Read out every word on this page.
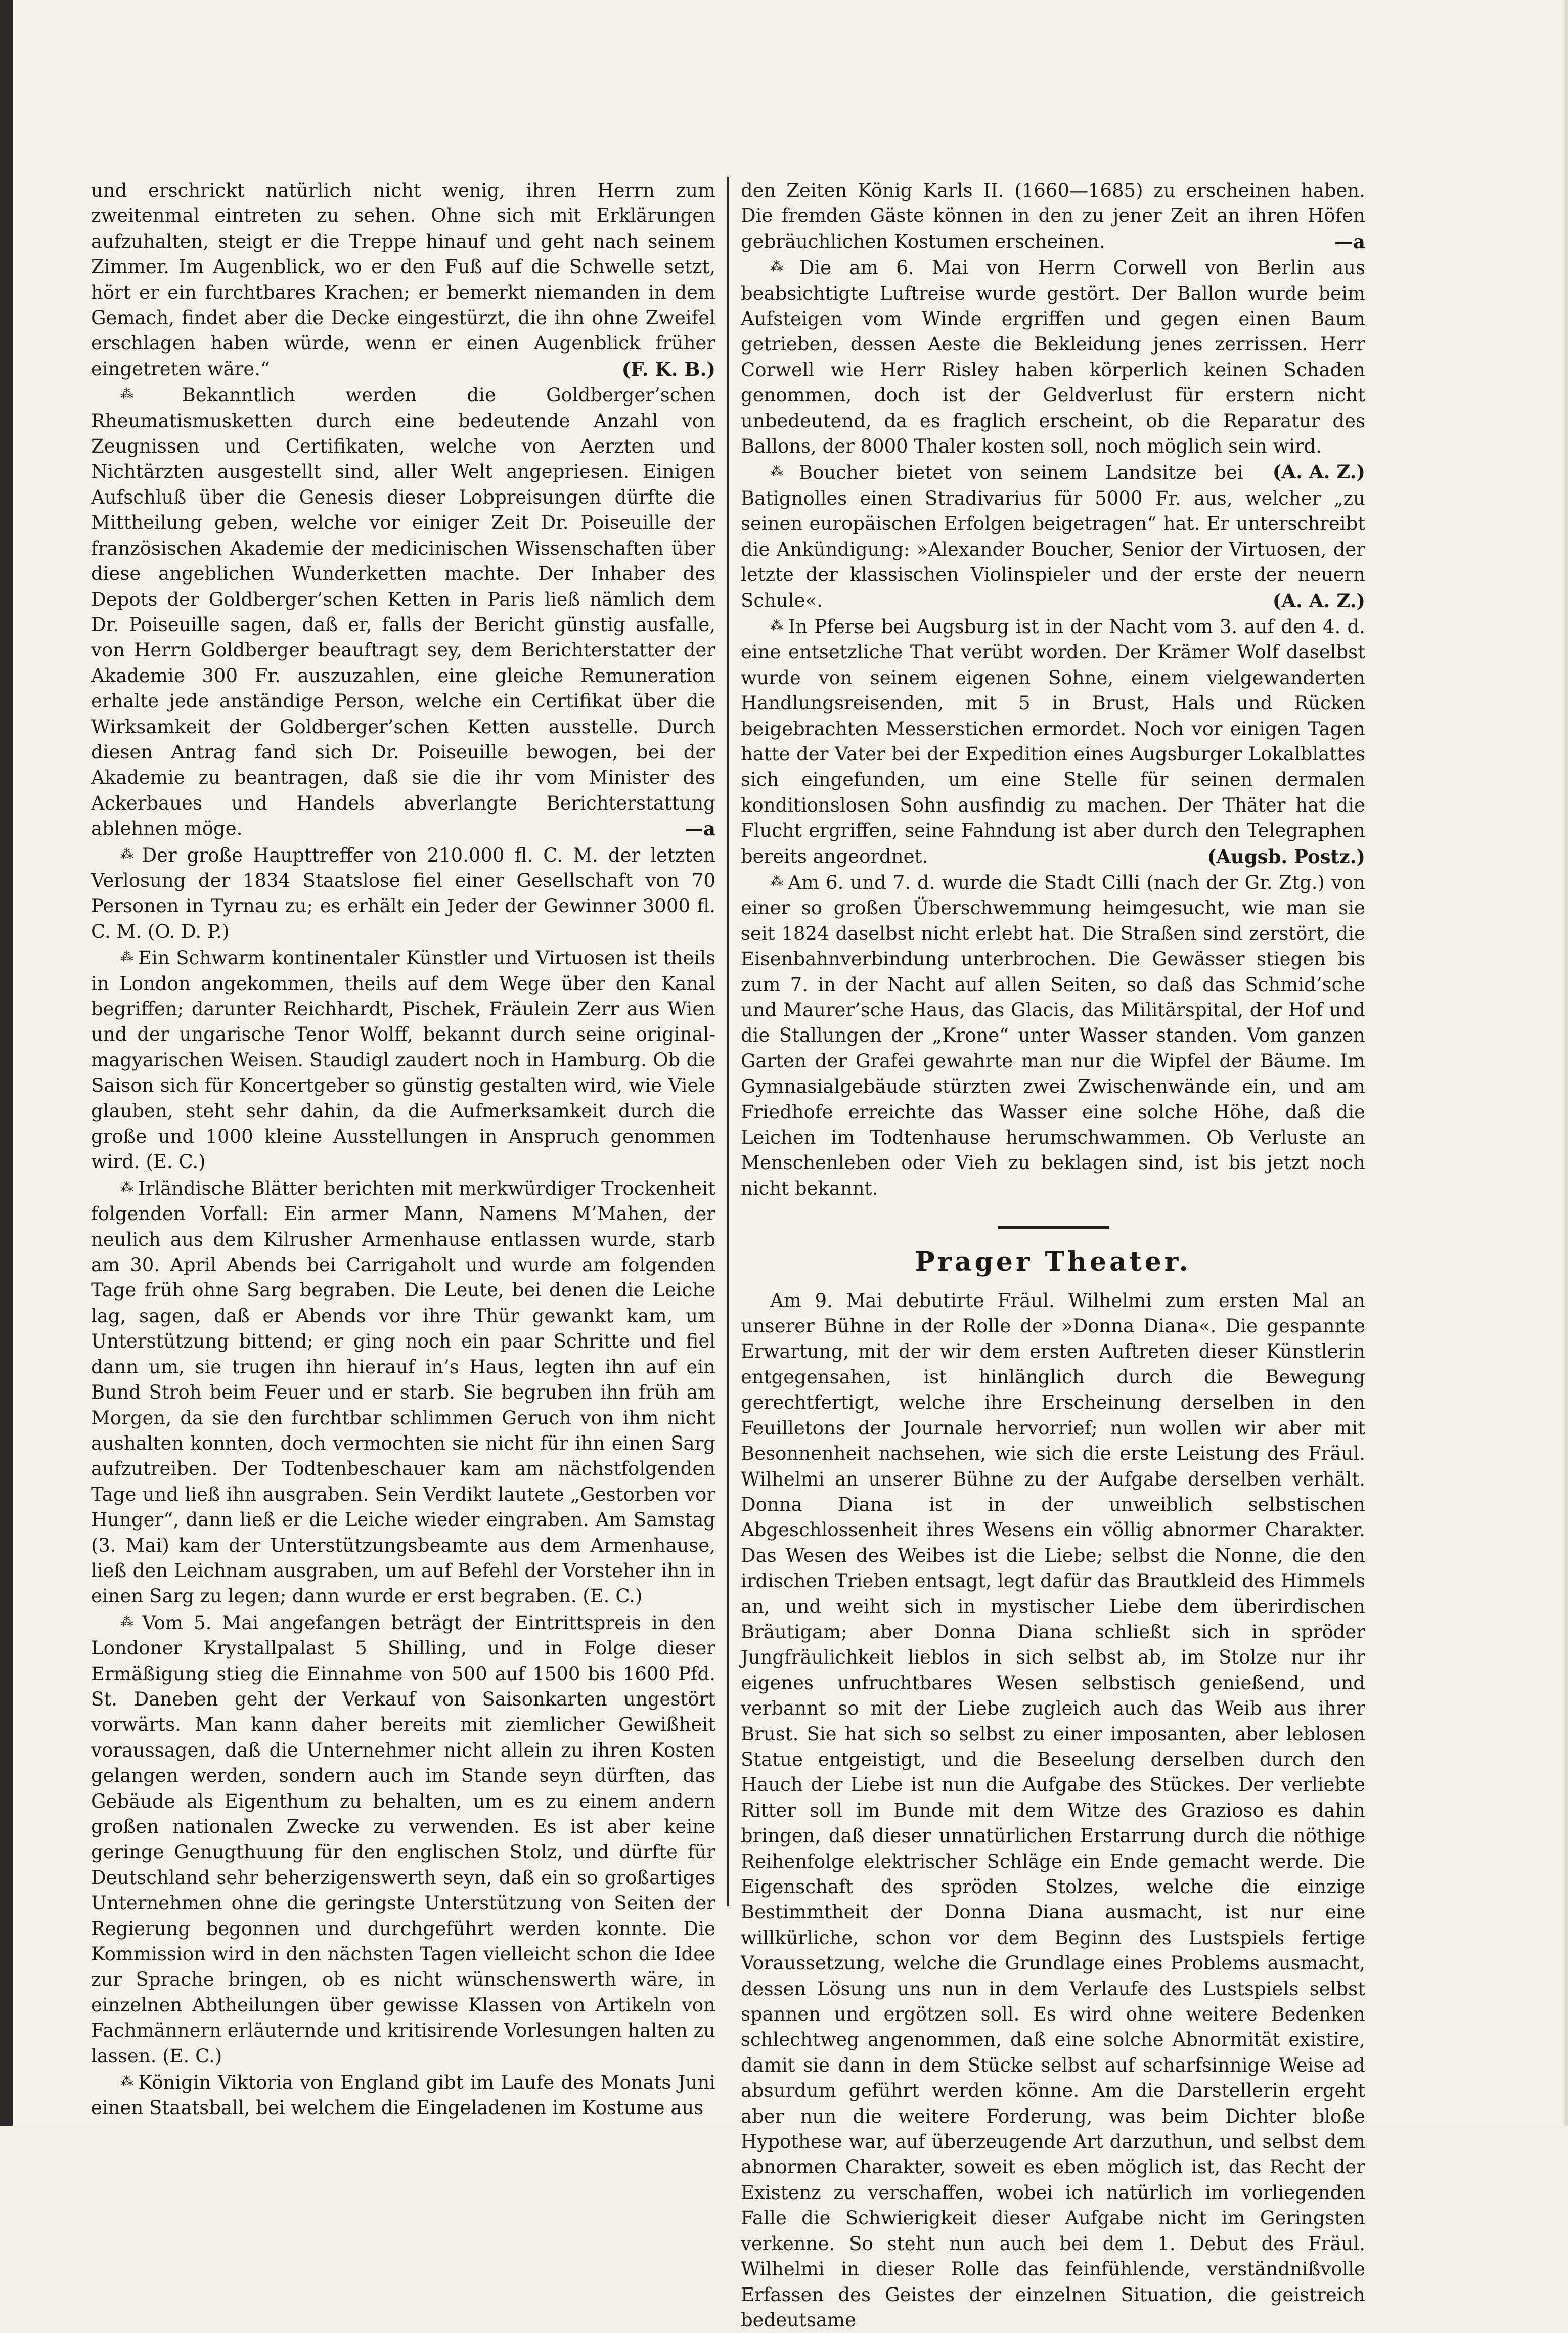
und erschrickt natürlich nicht wenig, ihren Herrn zum zweitenmal eintreten zu sehen. Ohne sich mit Erklärungen aufzuhalten, steigt er die Treppe hinauf und geht nach seinem Zimmer. Im Augenblick, wo er den Fuß auf die Schwelle setzt, hört er ein furchtbares Krachen; er bemerkt niemanden in dem Gemach, findet aber die Decke eingestürzt, die ihn ohne Zweifel erschlagen haben würde, wenn er einen Augenblick früher eingetreten wäre.“	(F. K. B.)

⁂ Bekanntlich werden die Goldberger’schen Rheumatismusketten durch eine bedeutende Anzahl von Zeugnissen und Certifikaten, welche von Aerzten und Nichtärzten ausgestellt sind, aller Welt angepriesen. Einigen Aufschluß über die Genesis dieser Lobpreisungen dürfte die Mittheilung geben, welche vor einiger Zeit Dr. Poiseuille der französischen Akademie der medicinischen Wissenschaften über diese angeblichen Wunderketten machte. Der Inhaber des Depots der Goldberger’schen Ketten in Paris ließ nämlich dem Dr. Poiseuille sagen, daß er, falls der Bericht günstig ausfalle, von Herrn Goldberger beauftragt sey, dem Berichterstatter der Akademie 300 Fr. auszuzahlen, eine gleiche Remuneration erhalte jede anständige Person, welche ein Certifikat über die Wirksamkeit der Goldberger’schen Ketten ausstelle. Durch diesen Antrag fand sich Dr. Poiseuille bewogen, bei der Akademie zu beantragen, daß sie die ihr vom Minister des Ackerbaues und Handels abverlangte Berichterstattung ablehnen möge.	—a

⁂ Der große Haupttreffer von 210.000 fl. C. M. der letzten Verlosung der 1834 Staatslose fiel einer Gesellschaft von 70 Personen in Tyrnau zu; es erhält ein Jeder der Gewinner 3000 fl. C. M. (O. D. P.)

⁂ Ein Schwarm kontinentaler Künstler und Virtuosen ist theils in London angekommen, theils auf dem Wege über den Kanal begriffen; darunter Reichhardt, Pischek, Fräulein Zerr aus Wien und der ungarische Tenor Wolff, bekannt durch seine original-magyarischen Weisen. Staudigl zaudert noch in Hamburg. Ob die Saison sich für Koncertgeber so günstig gestalten wird, wie Viele glauben, steht sehr dahin, da die Aufmerksamkeit durch die große und 1000 kleine Ausstellungen in Anspruch genommen wird. (E. C.)

⁂ Irländische Blätter berichten mit merkwürdiger Trockenheit folgenden Vorfall: Ein armer Mann, Namens M’Mahen, der neulich aus dem Kilrusher Armenhause entlassen wurde, starb am 30. April Abends bei Carrigaholt und wurde am folgenden Tage früh ohne Sarg begraben. Die Leute, bei denen die Leiche lag, sagen, daß er Abends vor ihre Thür gewankt kam, um Unterstützung bittend; er ging noch ein paar Schritte und fiel dann um, sie trugen ihn hierauf in’s Haus, legten ihn auf ein Bund Stroh beim Feuer und er starb. Sie begruben ihn früh am Morgen, da sie den furchtbar schlimmen Geruch von ihm nicht aushalten konnten, doch vermochten sie nicht für ihn einen Sarg aufzutreiben. Der Todtenbeschauer kam am nächstfolgenden Tage und ließ ihn ausgraben. Sein Verdikt lautete „Gestorben vor Hunger“, dann ließ er die Leiche wieder eingraben. Am Samstag (3. Mai) kam der Unterstützungsbeamte aus dem Armenhause, ließ den Leichnam ausgraben, um auf Befehl der Vorsteher ihn in einen Sarg zu legen; dann wurde er erst begraben. (E. C.)

⁂ Vom 5. Mai angefangen beträgt der Eintrittspreis in den Londoner Krystallpalast 5 Shilling, und in Folge dieser Ermäßigung stieg die Einnahme von 500 auf 1500 bis 1600 Pfd. St. Daneben geht der Verkauf von Saisonkarten ungestört vorwärts. Man kann daher bereits mit ziemlicher Gewißheit voraussagen, daß die Unternehmer nicht allein zu ihren Kosten gelangen werden, sondern auch im Stande seyn dürften, das Gebäude als Eigenthum zu behalten, um es zu einem andern großen nationalen Zwecke zu verwenden. Es ist aber keine geringe Genugthuung für den englischen Stolz, und dürfte für Deutschland sehr beherzigenswerth seyn, daß ein so großartiges Unternehmen ohne die geringste Unterstützung von Seiten der Regierung begonnen und durchgeführt werden konnte. Die Kommission wird in den nächsten Tagen vielleicht schon die Idee zur Sprache bringen, ob es nicht wünschenswerth wäre, in einzelnen Abtheilungen über gewisse Klassen von Artikeln von Fachmännern erläuternde und kritisirende Vorlesungen halten zu lassen. (E. C.)

⁂ Königin Viktoria von England gibt im Laufe des Monats Juni einen Staatsball, bei welchem die Eingeladenen im Kostume aus

den Zeiten König Karls II. (1660—1685) zu erscheinen haben. Die fremden Gäste können in den zu jener Zeit an ihren Höfen gebräuchlichen Kostumen erscheinen.	—a

⁂ Die am 6. Mai von Herrn Corwell von Berlin aus beabsichtigte Luftreise wurde gestört. Der Ballon wurde beim Aufsteigen vom Winde ergriffen und gegen einen Baum getrieben, dessen Aeste die Bekleidung jenes zerrissen. Herr Corwell wie Herr Risley haben körperlich keinen Schaden genommen, doch ist der Geldverlust für erstern nicht unbedeutend, da es fraglich erscheint, ob die Reparatur des Ballons, der 8000 Thaler kosten soll, noch möglich sein wird.
(A. A. Z.)

⁂ Boucher bietet von seinem Landsitze bei Batignolles einen Stradivarius für 5000 Fr. aus, welcher „zu seinen europäischen Erfolgen beigetragen“ hat. Er unterschreibt die Ankündigung: »Alexander Boucher, Senior der Virtuosen, der letzte der klassischen Violinspieler und der erste der neuern Schule«.	(A. A. Z.)

⁂ In Pferse bei Augsburg ist in der Nacht vom 3. auf den 4. d. eine entsetzliche That verübt worden. Der Krämer Wolf daselbst wurde von seinem eigenen Sohne, einem vielgewanderten Handlungsreisenden, mit 5 in Brust, Hals und Rücken beigebrachten Messerstichen ermordet. Noch vor einigen Tagen hatte der Vater bei der Expedition eines Augsburger Lokalblattes sich eingefunden, um eine Stelle für seinen dermalen konditionslosen Sohn ausfindig zu machen. Der Thäter hat die Flucht ergriffen, seine Fahndung ist aber durch den Telegraphen bereits angeordnet.	(Augsb. Postz.)

⁂ Am 6. und 7. d. wurde die Stadt Cilli (nach der Gr. Ztg.) von einer so großen Überschwemmung heimgesucht, wie man sie seit 1824 daselbst nicht erlebt hat. Die Straßen sind zerstört, die Eisenbahnverbindung unterbrochen. Die Gewässer stiegen bis zum 7. in der Nacht auf allen Seiten, so daß das Schmid’sche und Maurer’sche Haus, das Glacis, das Militärspital, der Hof und die Stallungen der „Krone“ unter Wasser standen. Vom ganzen Garten der Grafei gewahrte man nur die Wipfel der Bäume. Im Gymnasialgebäude stürzten zwei Zwischenwände ein, und am Friedhofe erreichte das Wasser eine solche Höhe, daß die Leichen im Todtenhause herumschwammen. Ob Verluste an Menschenleben oder Vieh zu beklagen sind, ist bis jetzt noch nicht bekannt.

Prager Theater.

Am 9. Mai debutirte Fräul. Wilhelmi zum ersten Mal an unserer Bühne in der Rolle der »Donna Diana«. Die gespannte Erwartung, mit der wir dem ersten Auftreten dieser Künstlerin entgegensahen, ist hinlänglich durch die Bewegung gerechtfertigt, welche ihre Erscheinung derselben in den Feuilletons der Journale hervorrief; nun wollen wir aber mit Besonnenheit nachsehen, wie sich die erste Leistung des Fräul. Wilhelmi an unserer Bühne zu der Aufgabe derselben verhält. Donna Diana ist in der unweiblich selbstischen Abgeschlossenheit ihres Wesens ein völlig abnormer Charakter. Das Wesen des Weibes ist die Liebe; selbst die Nonne, die den irdischen Trieben entsagt, legt dafür das Brautkleid des Himmels an, und weiht sich in mystischer Liebe dem überirdischen Bräutigam; aber Donna Diana schließt sich in spröder Jungfräulichkeit lieblos in sich selbst ab, im Stolze nur ihr eigenes unfruchtbares Wesen selbstisch genießend, und verbannt so mit der Liebe zugleich auch das Weib aus ihrer Brust. Sie hat sich so selbst zu einer imposanten, aber leblosen Statue entgeistigt, und die Beseelung derselben durch den Hauch der Liebe ist nun die Aufgabe des Stückes. Der verliebte Ritter soll im Bunde mit dem Witze des Grazioso es dahin bringen, daß dieser unnatürlichen Erstarrung durch die nöthige Reihenfolge elektrischer Schläge ein Ende gemacht werde. Die Eigenschaft des spröden Stolzes, welche die einzige Bestimmtheit der Donna Diana ausmacht, ist nur eine willkürliche, schon vor dem Beginn des Lustspiels fertige Voraussetzung, welche die Grundlage eines Problems ausmacht, dessen Lösung uns nun in dem Verlaufe des Lustspiels selbst spannen und ergötzen soll. Es wird ohne weitere Bedenken schlechtweg angenommen, daß eine solche Abnormität existire, damit sie dann in dem Stücke selbst auf scharfsinnige Weise ad absurdum geführt werden könne. Am die Darstellerin ergeht aber nun die weitere Forderung, was beim Dichter bloße Hypothese war, auf überzeugende Art darzuthun, und selbst dem abnormen Charakter, soweit es eben möglich ist, das Recht der Existenz zu verschaffen, wobei ich natürlich im vorliegenden Falle die Schwierigkeit dieser Aufgabe nicht im Geringsten verkenne. So steht nun auch bei dem 1. Debut des Fräul. Wilhelmi in dieser Rolle das feinfühlende, verständnißvolle Erfassen des Geistes der einzelnen Situation, die geistreich bedeutsame
